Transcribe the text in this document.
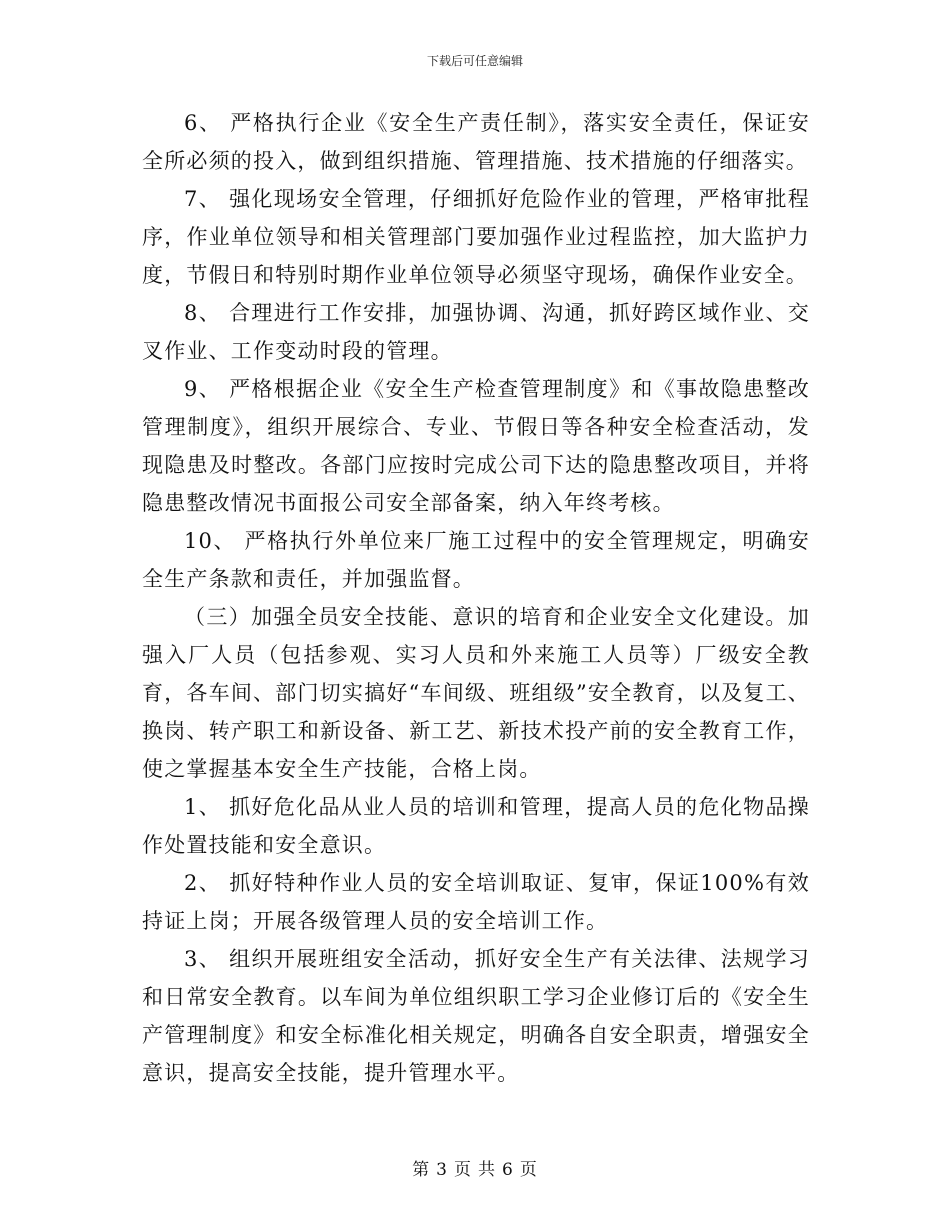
下载后可任意编辑

6、 严格执行企业《安全生产责任制》，落实安全责任，保证安全所必须的投入，做到组织措施、管理措施、技术措施的仔细落实。

7、 强化现场安全管理，仔细抓好危险作业的管理，严格审批程序，作业单位领导和相关管理部门要加强作业过程监控，加大监护力度，节假日和特别时期作业单位领导必须坚守现场，确保作业安全。

8、 合理进行工作安排，加强协调、沟通，抓好跨区域作业、交叉作业、工作变动时段的管理。

9、 严格根据企业《安全生产检查管理制度》和《事故隐患整改管理制度》，组织开展综合、专业、节假日等各种安全检查活动，发现隐患及时整改。各部门应按时完成公司下达的隐患整改项目，并将隐患整改情况书面报公司安全部备案，纳入年终考核。

10、 严格执行外单位来厂施工过程中的安全管理规定，明确安全生产条款和责任，并加强监督。

（三）加强全员安全技能、意识的培育和企业安全文化建设。加强入厂人员（包括参观、实习人员和外来施工人员等）厂级安全教育，各车间、部门切实搞好“车间级、班组级”安全教育，以及复工、换岗、转产职工和新设备、新工艺、新技术投产前的安全教育工作，使之掌握基本安全生产技能，合格上岗。

1、 抓好危化品从业人员的培训和管理，提高人员的危化物品操作处置技能和安全意识。

2、 抓好特种作业人员的安全培训取证、复审，保证100%有效持证上岗；开展各级管理人员的安全培训工作。

3、 组织开展班组安全活动，抓好安全生产有关法律、法规学习和日常安全教育。以车间为单位组织职工学习企业修订后的《安全生产管理制度》和安全标准化相关规定，明确各自安全职责，增强安全意识，提高安全技能，提升管理水平。

第 3 页 共 6 页
